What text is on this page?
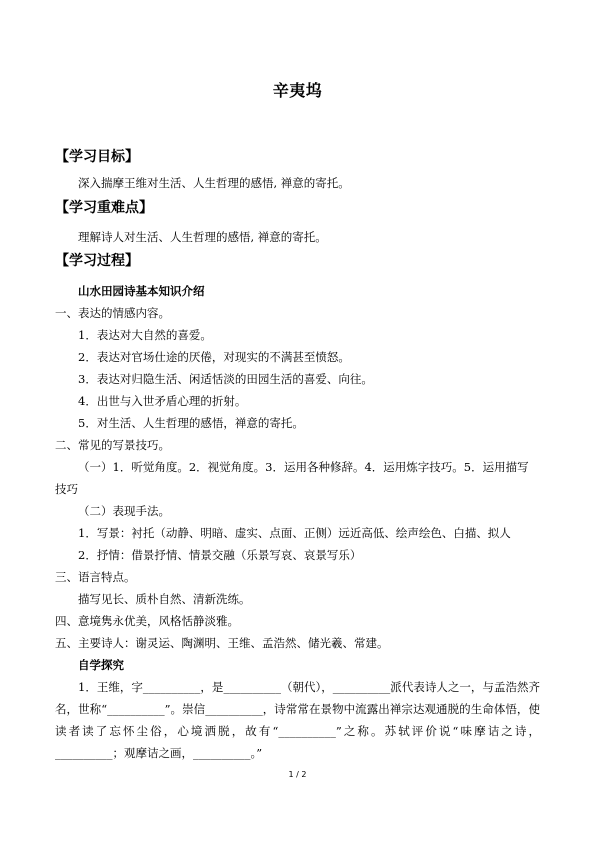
辛夷坞
【学习目标】
深入揣摩王维对生活、人生哲理的感悟, 禅意的寄托。
【学习重难点】
理解诗人对生活、人生哲理的感悟, 禅意的寄托。
【学习过程】
山水田园诗基本知识介绍
一、表达的情感内容。
1．表达对大自然的喜爱。
2．表达对官场仕途的厌倦，对现实的不满甚至愤怒。
3．表达对归隐生活、闲适恬淡的田园生活的喜爱、向往。
4．出世与入世矛盾心理的折射。
5．对生活、人生哲理的感悟，禅意的寄托。
二、常见的写景技巧。
（一）1．听觉角度。2．视觉角度。3．运用各种修辞。4．运用炼字技巧。5．运用描写
技巧
（二）表现手法。
1．写景：衬托（动静、明暗、虚实、点面、正侧）远近高低、绘声绘色、白描、拟人
2．抒情：借景抒情、情景交融（乐景写哀、哀景写乐）
三、语言特点。
描写见长、质朴自然、清新洗练。
四、意境隽永优美，风格恬静淡雅。
五、主要诗人：谢灵运、陶渊明、王维、孟浩然、储光羲、常建。
自学探究
1．王维，字__________，是__________（朝代），__________派代表诗人之一，与孟浩然齐名，世称“__________”。崇信__________，诗常常在景物中流露出禅宗达观通脱的生命体悟，使读者读了忘怀尘俗，心境洒脱，故有“__________”之称。苏轼评价说“味摩诘之诗，__________；观摩诘之画，__________。”
1 / 2
